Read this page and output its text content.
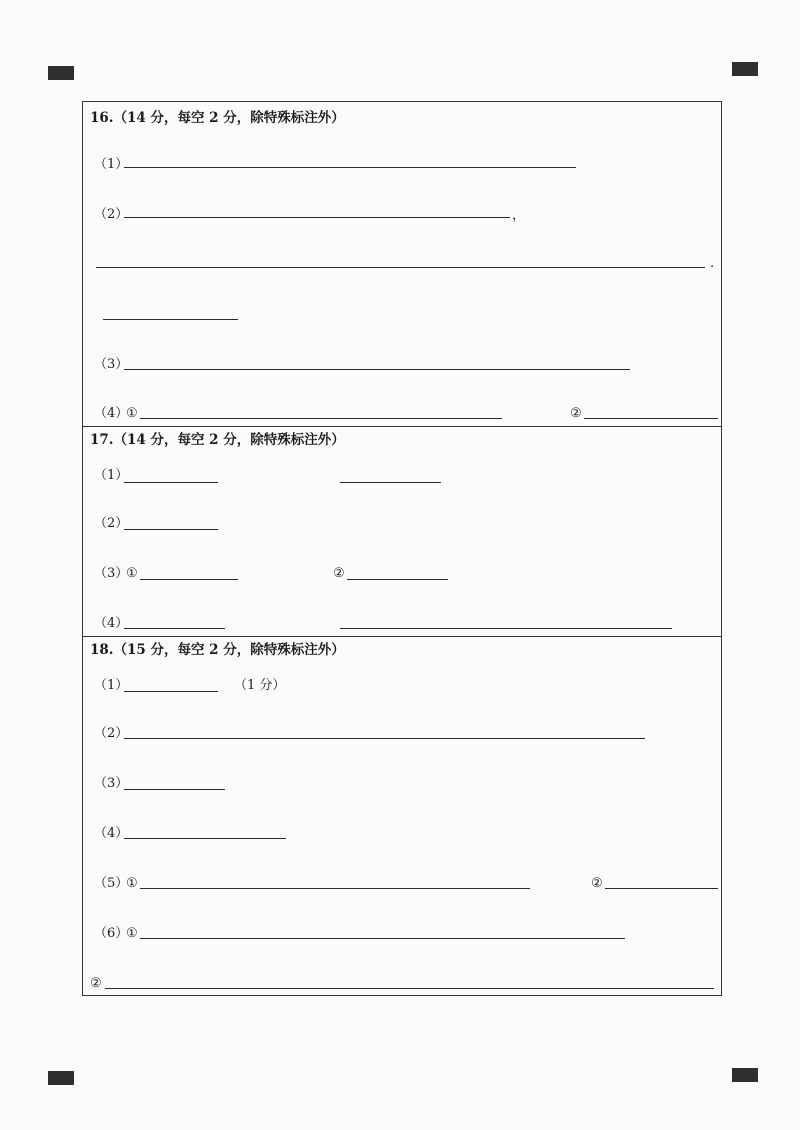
16.（14 分，每空 2 分，除特殊标注外）
（1）
（2）	，
.
（3）
（4）
①	②
17.（14 分，每空 2 分，除特殊标注外）
（1）
（2）
（3）
①	②
（4）
18.（15 分，每空 2 分，除特殊标注外）
（1）	（1 分）
（2）
（3）
（4）
（5）
①	②
（6）
①
②
